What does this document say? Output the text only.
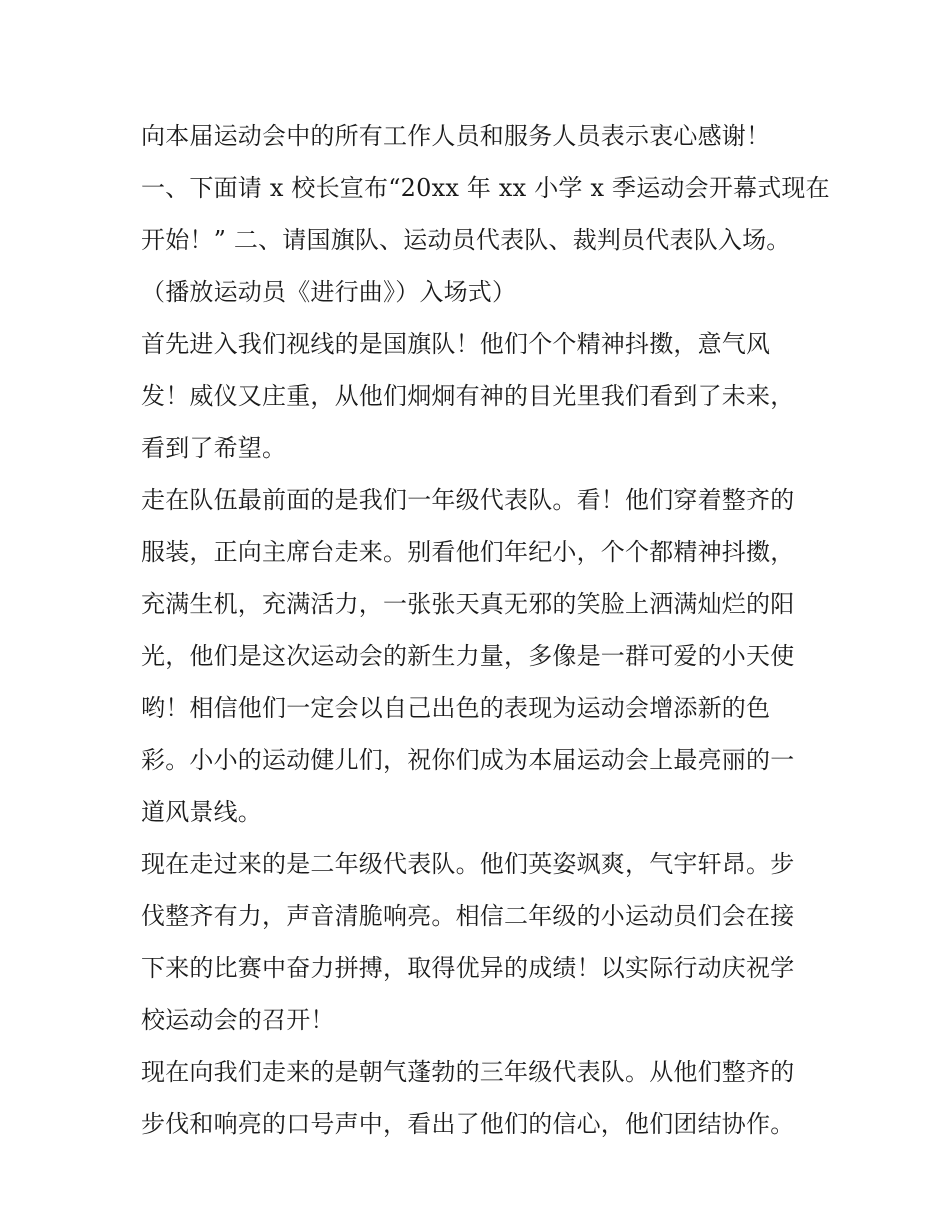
向本届运动会中的所有工作人员和服务人员表示衷心感谢！
一、下面请 x 校长宣布“20xx 年 xx 小学 x 季运动会开幕式现在
开始！” 二、请国旗队、运动员代表队、裁判员代表队入场。
（播放运动员《进行曲》）入场式）
首先进入我们视线的是国旗队！他们个个精神抖擞，意气风
发！威仪又庄重，从他们炯炯有神的目光里我们看到了未来，
看到了希望。
走在队伍最前面的是我们一年级代表队。看！他们穿着整齐的
服装，正向主席台走来。别看他们年纪小，个个都精神抖擞，
充满生机，充满活力，一张张天真无邪的笑脸上洒满灿烂的阳
光，他们是这次运动会的新生力量，多像是一群可爱的小天使
哟！相信他们一定会以自己出色的表现为运动会增添新的色
彩。小小的运动健儿们，祝你们成为本届运动会上最亮丽的一
道风景线。
现在走过来的是二年级代表队。他们英姿飒爽，气宇轩昂。步
伐整齐有力，声音清脆响亮。相信二年级的小运动员们会在接
下来的比赛中奋力拼搏，取得优异的成绩！以实际行动庆祝学
校运动会的召开！
现在向我们走来的是朝气蓬勃的三年级代表队。从他们整齐的
步伐和响亮的口号声中，看出了他们的信心，他们团结协作。
